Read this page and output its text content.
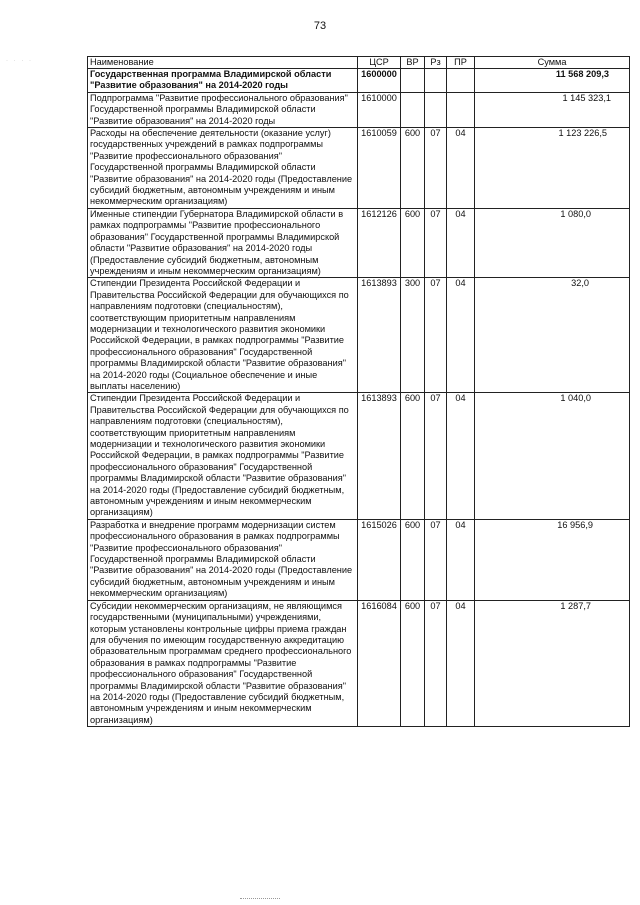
73
· · · ·	Наименование	ЦСР	ВР	Рз	ПР	Сумма
Государственная программа Владимирской области "Развитие образования" на 2014-2020 годы	1600000				11 568 209,3
Подпрограмма "Развитие профессионального образования" Государственной программы Владимирской области "Развитие образования" на 2014-2020 годы	1610000				1 145 323,1
Расходы на обеспечение деятельности (оказание услуг) государственных учреждений в рамках подпрограммы "Развитие профессионального образования" Государственной программы Владимирской области "Развитие образования" на 2014-2020 годы (Предоставление субсидий бюджетным, автономным учреждениям и иным некоммерческим организациям)	1610059	600	07	04	1 123 226,5
Именные стипендии Губернатора Владимирской области в рамках подпрограммы "Развитие профессионального образования" Государственной программы Владимирской области "Развитие образования" на 2014-2020 годы (Предоставление субсидий бюджетным, автономным учреждениям и иным некоммерческим организациям)	1612126	600	07	04	1 080,0
Стипендии Президента Российской Федерации и Правительства Российской Федерации для обучающихся по направлениям подготовки (специальностям), соответствующим приоритетным направлениям модернизации и технологического развития экономики Российской Федерации, в рамках подпрограммы "Развитие профессионального образования" Государственной программы Владимирской области "Развитие образования" на 2014-2020 годы (Социальное обеспечение и иные выплаты населению)	1613893	300	07	04	32,0
Стипендии Президента Российской Федерации и Правительства Российской Федерации для обучающихся по направлениям подготовки (специальностям), соответствующим приоритетным направлениям модернизации и технологического развития экономики Российской Федерации, в рамках подпрограммы "Развитие профессионального образования" Государственной программы Владимирской области "Развитие образования" на 2014-2020 годы (Предоставление субсидий бюджетным, автономным учреждениям и иным некоммерческим организациям)	1613893	600	07	04	1 040,0
Разработка и внедрение программ модернизации систем профессионального образования в рамках подпрограммы "Развитие профессионального образования" Государственной программы Владимирской области "Развитие образования" на 2014-2020 годы (Предоставление субсидий бюджетным, автономным учреждениям и иным некоммерческим организациям)	1615026	600	07	04	16 956,9
Субсидии некоммерческим организациям, не являющимся государственными (муниципальными) учреждениями, которым установлены контрольные цифры приема граждан для обучения по имеющим государственную аккредитацию образовательным программам среднего профессионального образования в рамках подпрограммы "Развитие профессионального образования" Государственной программы Владимирской области "Развитие образования" на 2014-2020 годы (Предоставление субсидий бюджетным, автономным учреждениям и иным некоммерческим организациям)	1616084	600	07	04	1 287,7
